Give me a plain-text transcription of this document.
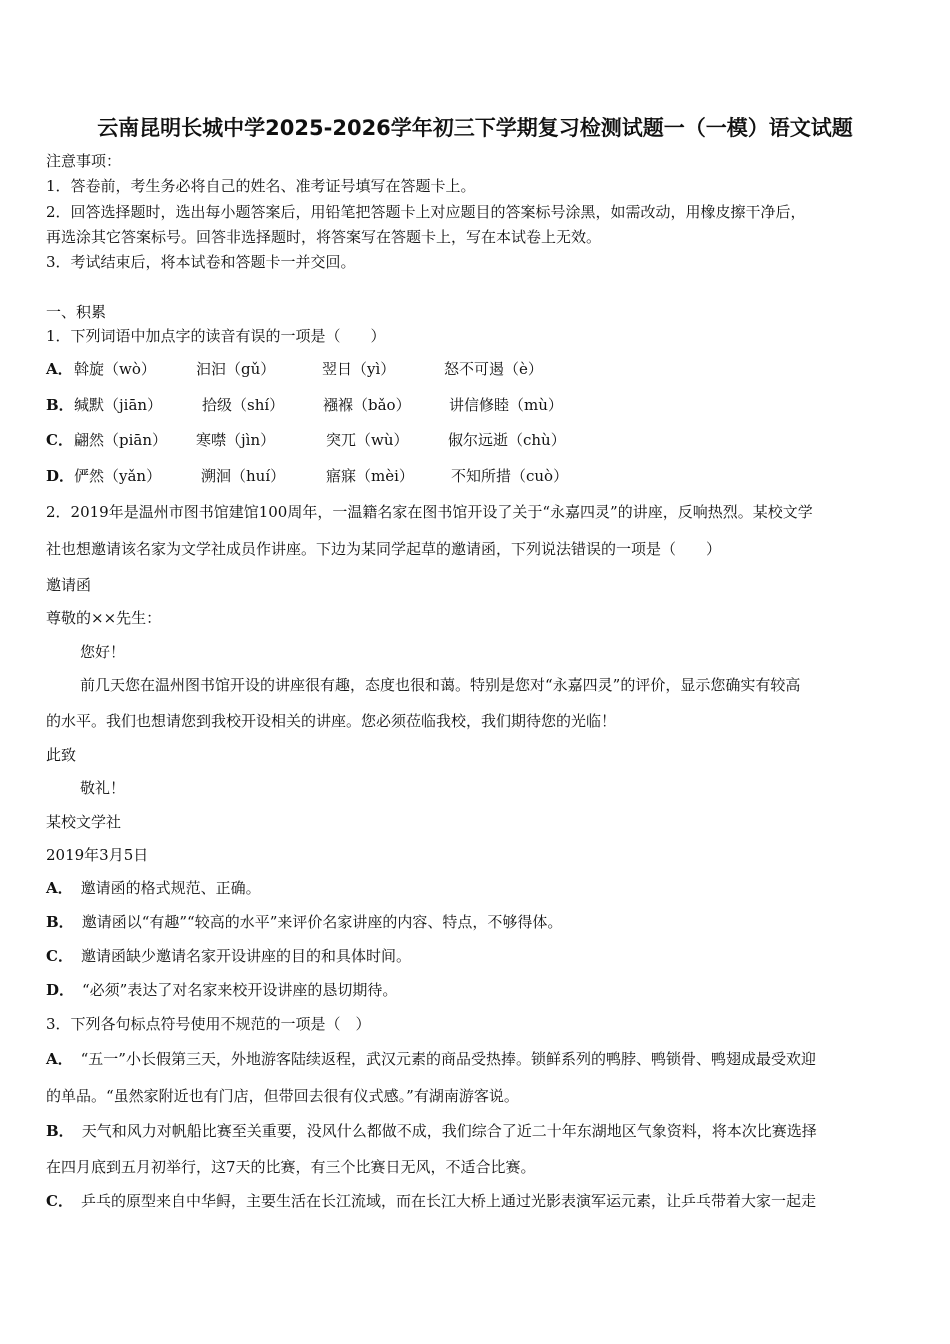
云南昆明长城中学2025-2026学年初三下学期复习检测试题一（一模）语文试题
注意事项：
1．答卷前，考生务必将自己的姓名、准考证号填写在答题卡上。
2．回答选择题时，选出每小题答案后，用铅笔把答题卡上对应题目的答案标号涂黑，如需改动，用橡皮擦干净后，
再选涂其它答案标号。回答非选择题时，将答案写在答题卡上，写在本试卷上无效。
3．考试结束后，将本试卷和答题卡一并交回。
一、积累
1．下列词语中加点字的读音有误的一项是（　　）
A． 斡旋（wò）	汩汩（gǔ）	翌日（yì）	怒不可遏（è）
B． 缄默（jiān）	拾级（shí）	襁褓（bǎo）	讲信修睦（mù）
C． 翩然（piān） 寒噤（jìn）	突兀（wù）	俶尔远逝（chù）
D． 俨然（yǎn）	溯洄（huí）	寤寐（mèi） 不知所措（cuò）
2．2019年是温州市图书馆建馆100周年，一温籍名家在图书馆开设了关于“永嘉四灵”的讲座，反响热烈。某校文学
社也想邀请该名家为文学社成员作讲座。下边为某同学起草的邀请函，下列说法错误的一项是（　　）
邀请函
尊敬的××先生：
您好！
前几天您在温州图书馆开设的讲座很有趣，态度也很和蔼。特别是您对“永嘉四灵”的评价，显示您确实有较高
的水平。我们也想请您到我校开设相关的讲座。您必须莅临我校，我们期待您的光临！
此致
敬礼！
某校文学社
2019年3月5日
A． 邀请函的格式规范、正确。
B． 邀请函以“有趣”“较高的水平”来评价名家讲座的内容、特点，不够得体。
C． 邀请函缺少邀请名家开设讲座的目的和具体时间。
D． “必须”表达了对名家来校开设讲座的恳切期待。
3．下列各句标点符号使用不规范的一项是（　）
A． “五一”小长假第三天，外地游客陆续返程，武汉元素的商品受热捧。锁鲜系列的鸭脖、鸭锁骨、鸭翅成最受欢迎
的单品。“虽然家附近也有门店，但带回去很有仪式感。”有湖南游客说。
B． 天气和风力对帆船比赛至关重要，没风什么都做不成，我们综合了近二十年东湖地区气象资料，将本次比赛选择
在四月底到五月初举行，这7天的比赛，有三个比赛日无风，不适合比赛。
C． 乒乓的原型来自中华鲟，主要生活在长江流域，而在长江大桥上通过光影表演军运元素，让乒乓带着大家一起走
